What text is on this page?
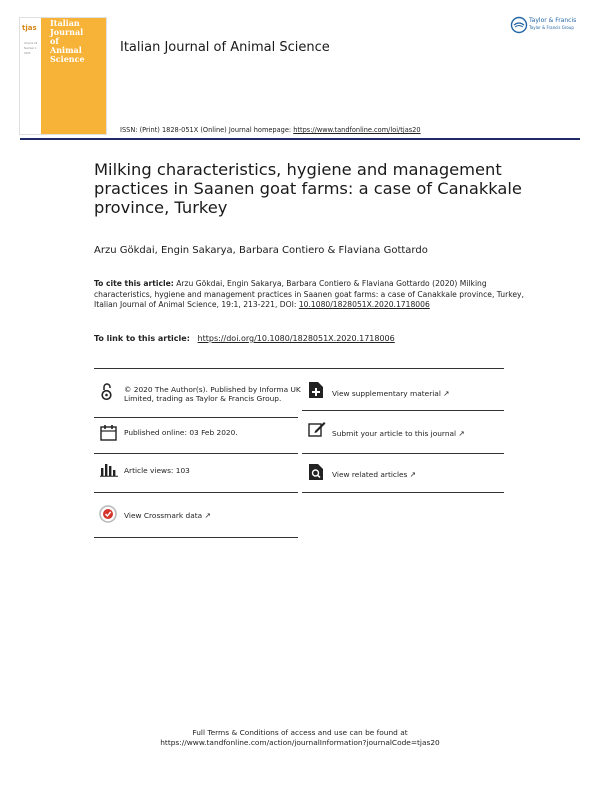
tjas
Volume 19
Number 1
2020
Italian
Journal
of
Animal
Science
Italian Journal of Animal Science
Taylor & Francis
Taylor & Francis Group
ISSN: (Print) 1828-051X (Online) Journal homepage: https://www.tandfonline.com/loi/tjas20
Milking characteristics, hygiene and management practices in Saanen goat farms: a case of Canakkale province, Turkey
Arzu Gökdai, Engin Sakarya, Barbara Contiero & Flaviana Gottardo
To cite this article: Arzu Gökdai, Engin Sakarya, Barbara Contiero & Flaviana Gottardo (2020) Milking characteristics, hygiene and management practices in Saanen goat farms: a case of Canakkale province, Turkey, Italian Journal of Animal Science, 19:1, 213-221, DOI: 10.1080/1828051X.2020.1718006
To link to this article: https://doi.org/10.1080/1828051X.2020.1718006
© 2020 The Author(s). Published by Informa UK Limited, trading as Taylor & Francis Group.
Published online: 03 Feb 2020.
Article views: 103
View Crossmark data ↗
View supplementary material ↗
Submit your article to this journal ↗
View related articles ↗
Full Terms & Conditions of access and use can be found at
https://www.tandfonline.com/action/journalInformation?journalCode=tjas20
